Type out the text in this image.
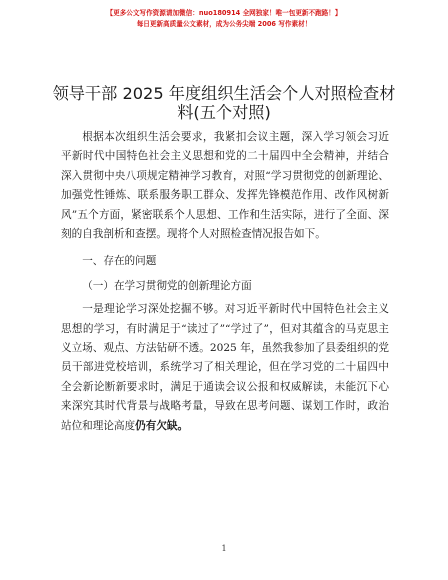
【更多公文写作资源请加微信：nuo180914 全网独家！唯一包更新不跑路！】
每日更新高质量公文素材，成为公务尖端 2006 写作素材！
领导干部 2025 年度组织生活会个人对照检查材
料(五个对照)

根据本次组织生活会要求，我紧扣会议主题，深入学习领会习近平新时代中国特色社会主义思想和党的二十届四中全会精神，并结合深入贯彻中央八项规定精神学习教育，对照“学习贯彻党的创新理论、加强党性锤炼、联系服务职工群众、发挥先锋模范作用、改作风树新风”五个方面，紧密联系个人思想、工作和生活实际，进行了全面、深刻的自我剖析和查摆。现将个人对照检查情况报告如下。

一、存在的问题

（一）在学习贯彻党的创新理论方面

一是理论学习深处挖掘不够。对习近平新时代中国特色社会主义思想的学习，有时满足于“读过了”“学过了”，但对其蕴含的马克思主义立场、观点、方法钻研不透。2025 年，虽然我参加了县委组织的党员干部进党校培训，系统学习了相关理论，但在学习党的二十届四中全会新论断新要求时，满足于通读会议公报和权威解读，未能沉下心来深究其时代背景与战略考量，导致在思考问题、谋划工作时，政治站位和理论高度仍有欠缺。

1
